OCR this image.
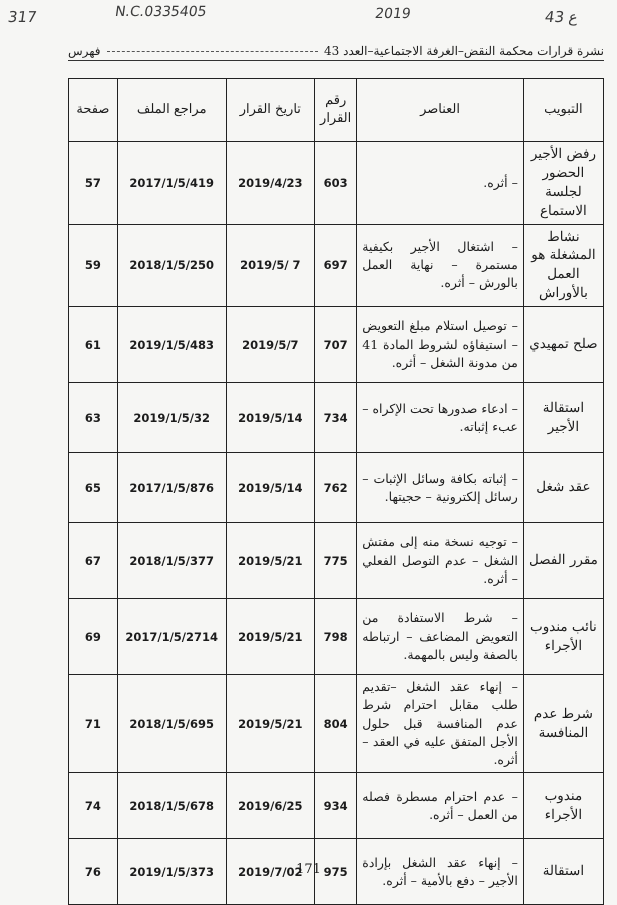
317	N.C.0335405	2019	43 ع
نشرة قرارات محكمة النقض–الغرفة الاجتماعية–العدد 43
فهرس
التبويب	العناصر	رقم القرار	تاريخ القرار	مراجع الملف	صفحة
رفض الأجير الحضور لجلسة الاستماع	– أثره.	603	2019/4/23	2017/1/5/419	57
نشاط المشغلة هو العمل بالأوراش	– اشتغال الأجير بكيفية مستمرة – نهاية العمل بالورش – أثره.	697	2019/5/ 7	2018/1/5/250	59
صلح تمهيدي	– توصيل استلام مبلغ التعويض – استيفاؤه لشروط المادة 41 من مدونة الشغل – أثره.	707	2019/5/7	2019/1/5/483	61
استقالة الأجير	– ادعاء صدورها تحت الإكراه – عبء إثباته.	734	2019/5/14	2019/1/5/32	63
عقد شغل	– إثباته بكافة وسائل الإثبات – رسائل إلكترونية – حجيتها.	762	2019/5/14	2017/1/5/876	65
مقرر الفصل	– توجيه نسخة منه إلى مفتش الشغل – عدم التوصل الفعلي – أثره.	775	2019/5/21	2018/1/5/377	67
نائب مندوب الأجراء	– شرط الاستفادة من التعويض المضاعف – ارتباطه بالصفة وليس بالمهمة.	798	2019/5/21	2017/1/5/2714	69
شرط عدم المنافسة	– إنهاء عقد الشغل –تقديم طلب مقابل احترام شرط عدم المنافسة قبل حلول الأجل المتفق عليه في العقد – أثره.	804	2019/5/21	2018/1/5/695	71
مندوب الأجراء	– عدم احترام مسطرة فصله من العمل – أثره.	934	2019/6/25	2018/1/5/678	74
استقالة	– إنهاء عقد الشغل بإرادة الأجير – دفع بالأمية – أثره.	975	2019/7/02	2019/1/5/373	76	171
